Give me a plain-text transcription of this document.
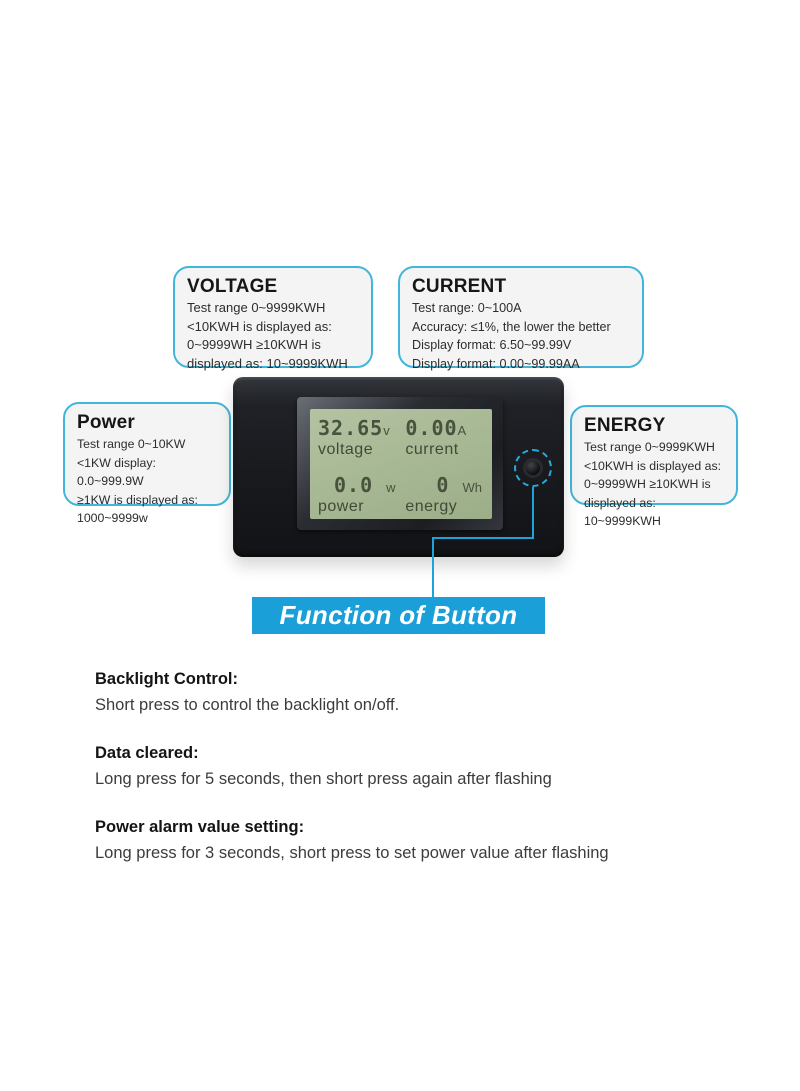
VOLTAGE
Test range 0~9999KWH
<10KWH is displayed as:
0~9999WH ≥10KWH is
displayed as: 10~9999KWH
CURRENT
Test range: 0~100A
Accuracy: ≤1%, the lower the better
Display format: 6.50~99.99V
Display format: 0.00~99.99AA
Power
Test range 0~10KW
<1KW display: 0.0~999.9W
≥1KW is displayed as:
1000~9999w
ENERGY
Test range 0~9999KWH
<10KWH is displayed as:
0~9999WH ≥10KWH is
displayed as: 10~9999KWH
32.65v
voltage
0.00A
current
0.0 w
power
0 Wh
energy
Function of Button
Backlight Control:
Short press to control the backlight on/off.
Data cleared:
Long press for 5 seconds, then short press again after flashing
Power alarm value setting:
Long press for 3 seconds, short press to set power value after flashing
